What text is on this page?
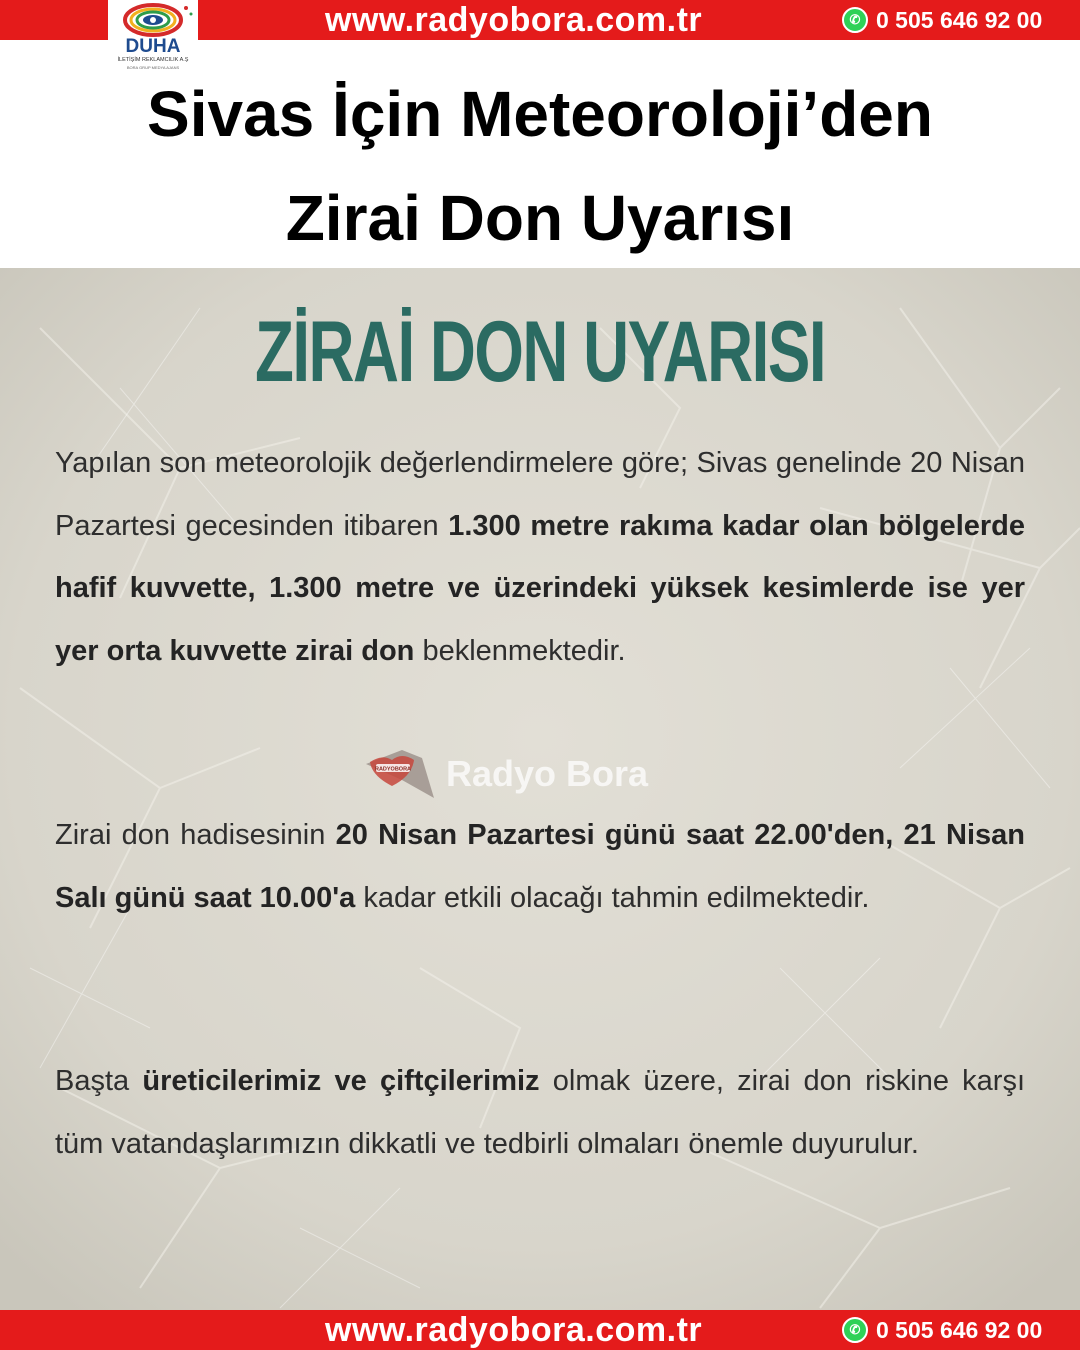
www.radyobora.com.tr	✆ 0 505 646 92 00
DUHA
İLETİŞİM REKLAMCILIK A.Ş
BORA GRUP MEDYA AJANS
Sivas İçin Meteoroloji’den
Zirai Don Uyarısı
ZİRAİ DON UYARISI

Yapılan son meteorolojik değerlendirmelere göre; Sivas genelinde 20 Nisan Pazartesi gecesinden itibaren 1.300 metre rakıma kadar olan bölgelerde hafif kuvvette, 1.300 metre ve üzerindeki yüksek kesimlerde ise yer yer orta kuvvette zirai don beklenmektedir.

RADYOBORA Radyo Bora

Zirai don hadisesinin 20 Nisan Pazartesi günü saat 22.00'den, 21 Nisan Salı günü saat 10.00'a kadar etkili olacağı tahmin edilmektedir.

Başta üreticilerimiz ve çiftçilerimiz olmak üzere, zirai don riskine karşı tüm vatandaşlarımızın dikkatli ve tedbirli olmaları önemle duyurulur.

www.radyobora.com.tr	✆ 0 505 646 92 00
